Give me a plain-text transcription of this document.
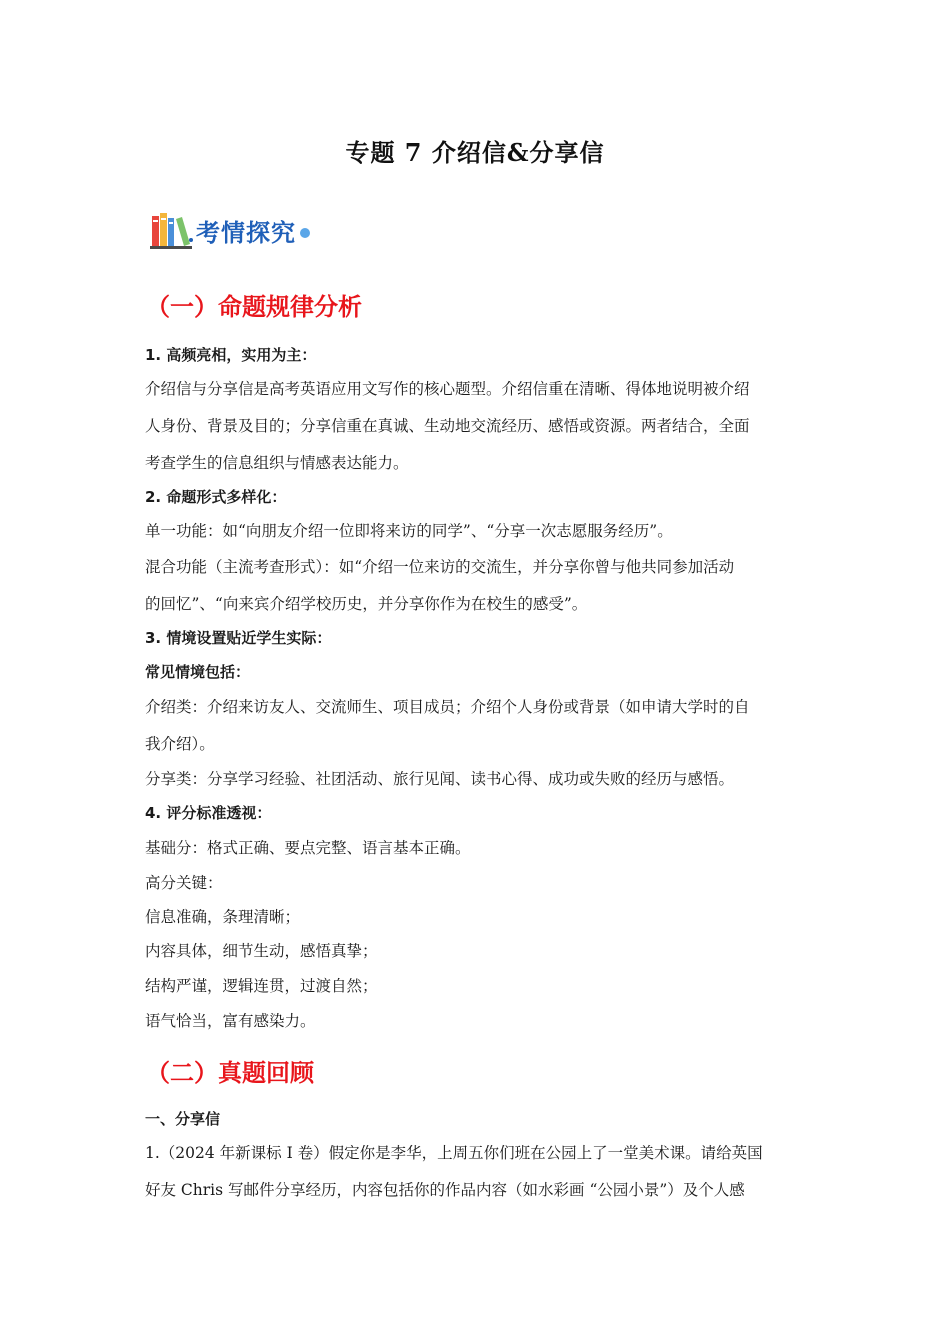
专题 7 介绍信&分享信
考情探究
（一）命题规律分析
1. 高频亮相，实用为主：
介绍信与分享信是高考英语应用文写作的核心题型。介绍信重在清晰、得体地说明被介绍
人身份、背景及目的；分享信重在真诚、生动地交流经历、感悟或资源。两者结合，全面
考查学生的信息组织与情感表达能力。
2. 命题形式多样化：
单一功能：如“向朋友介绍一位即将来访的同学”、“分享一次志愿服务经历”。
混合功能（主流考查形式）：如“介绍一位来访的交流生，并分享你曾与他共同参加活动
的回忆”、“向来宾介绍学校历史，并分享你作为在校生的感受”。
3. 情境设置贴近学生实际：
常见情境包括：
介绍类：介绍来访友人、交流师生、项目成员；介绍个人身份或背景（如申请大学时的自
我介绍）。
分享类：分享学习经验、社团活动、旅行见闻、读书心得、成功或失败的经历与感悟。
4. 评分标准透视：
基础分：格式正确、要点完整、语言基本正确。
高分关键：
信息准确，条理清晰；
内容具体，细节生动，感悟真挚；
结构严谨，逻辑连贯，过渡自然；
语气恰当，富有感染力。
（二）真题回顾
一、分享信
1.（2024 年新课标 I 卷）假定你是李华，上周五你们班在公园上了一堂美术课。请给英国
好友 Chris 写邮件分享经历，内容包括你的作品内容（如水彩画 “公园小景”）及个人感
